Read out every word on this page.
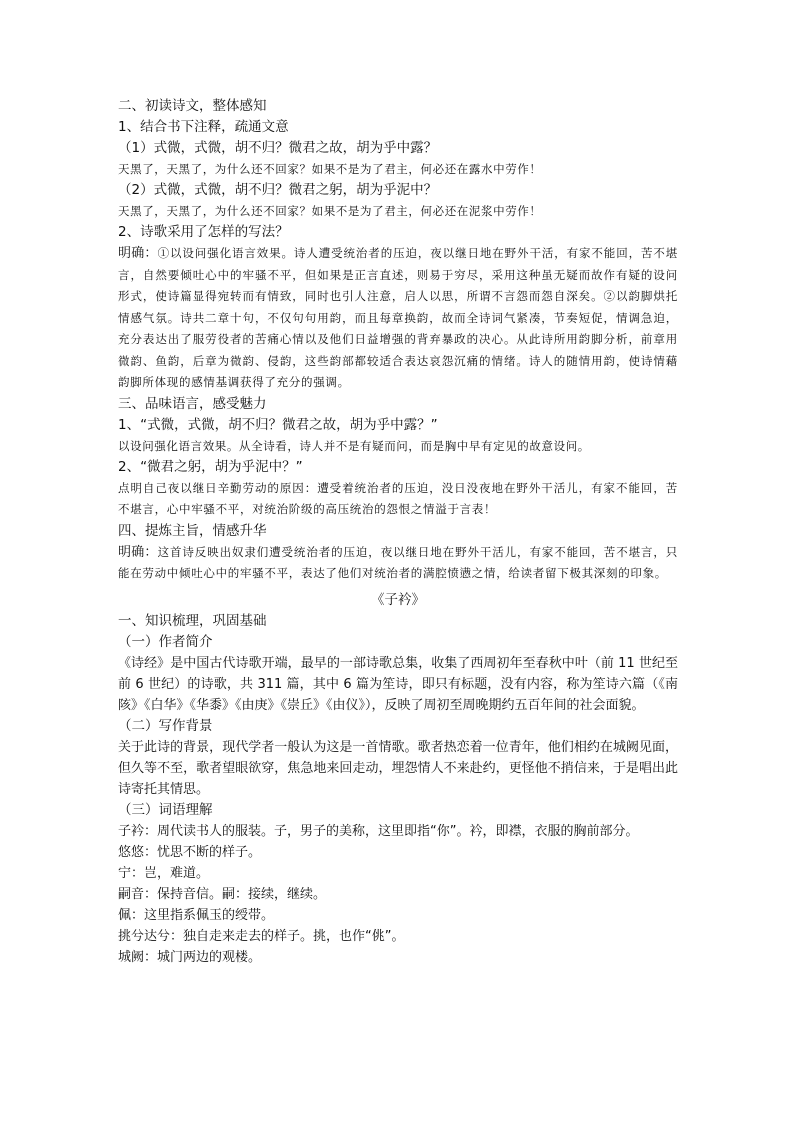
二、初读诗文，整体感知

1、结合书下注释，疏通文意

（1）式微，式微，胡不归？微君之故，胡为乎中露？

天黑了，天黑了，为什么还不回家？如果不是为了君主，何必还在露水中劳作！

（2）式微，式微，胡不归？微君之躬，胡为乎泥中？

天黑了，天黑了，为什么还不回家？如果不是为了君主，何必还在泥浆中劳作！

2、诗歌采用了怎样的写法？

明确：①以设问强化语言效果。诗人遭受统治者的压迫，夜以继日地在野外干活，有家不能回，苦不堪言，自然要倾吐心中的牢骚不平，但如果是正言直述，则易于穷尽，采用这种虽无疑而故作有疑的设问形式，使诗篇显得宛转而有情致，同时也引人注意，启人以思，所谓不言怨而怨自深矣。②以韵脚烘托情感气氛。诗共二章十句，不仅句句用韵，而且每章换韵，故而全诗词气紧凑，节奏短促，情调急迫，充分表达出了服劳役者的苦痛心情以及他们日益增强的背弃暴政的决心。从此诗所用韵脚分析，前章用微韵、鱼韵，后章为微韵、侵韵，这些韵部都较适合表达哀怨沉痛的情绪。诗人的随情用韵，使诗情藉韵脚所体现的感情基调获得了充分的强调。

三、品味语言，感受魅力

1、“式微，式微，胡不归？微君之故，胡为乎中露？”

以设问强化语言效果。从全诗看，诗人并不是有疑而问，而是胸中早有定见的故意设问。

2、“微君之躬，胡为乎泥中？”

点明自己夜以继日辛勤劳动的原因：遭受着统治者的压迫，没日没夜地在野外干活儿，有家不能回，苦不堪言，心中牢骚不平，对统治阶级的高压统治的怨恨之情溢于言表！

四、提炼主旨，情感升华

明确：这首诗反映出奴隶们遭受统治者的压迫，夜以继日地在野外干活儿，有家不能回，苦不堪言，只能在劳动中倾吐心中的牢骚不平，表达了他们对统治者的满腔愤懑之情，给读者留下极其深刻的印象。

《子衿》

一、知识梳理，巩固基础

（一）作者简介

《诗经》是中国古代诗歌开端，最早的一部诗歌总集，收集了西周初年至春秋中叶（前 11 世纪至前 6 世纪）的诗歌，共 311 篇，其中 6 篇为笙诗，即只有标题，没有内容，称为笙诗六篇（《南陔》《白华》《华黍》《由庚》《崇丘》《由仪》），反映了周初至周晚期约五百年间的社会面貌。

（二）写作背景

关于此诗的背景，现代学者一般认为这是一首情歌。歌者热恋着一位青年，他们相约在城阙见面，但久等不至，歌者望眼欲穿，焦急地来回走动，埋怨情人不来赴约，更怪他不捎信来，于是唱出此诗寄托其情思。

（三）词语理解

子衿：周代读书人的服装。子，男子的美称，这里即指“你”。衿，即襟，衣服的胸前部分。

悠悠：忧思不断的样子。

宁：岂，难道。

嗣音：保持音信。嗣：接续，继续。

佩：这里指系佩玉的绶带。

挑兮达兮：独自走来走去的样子。挑，也作“佻”。

城阙：城门两边的观楼。
